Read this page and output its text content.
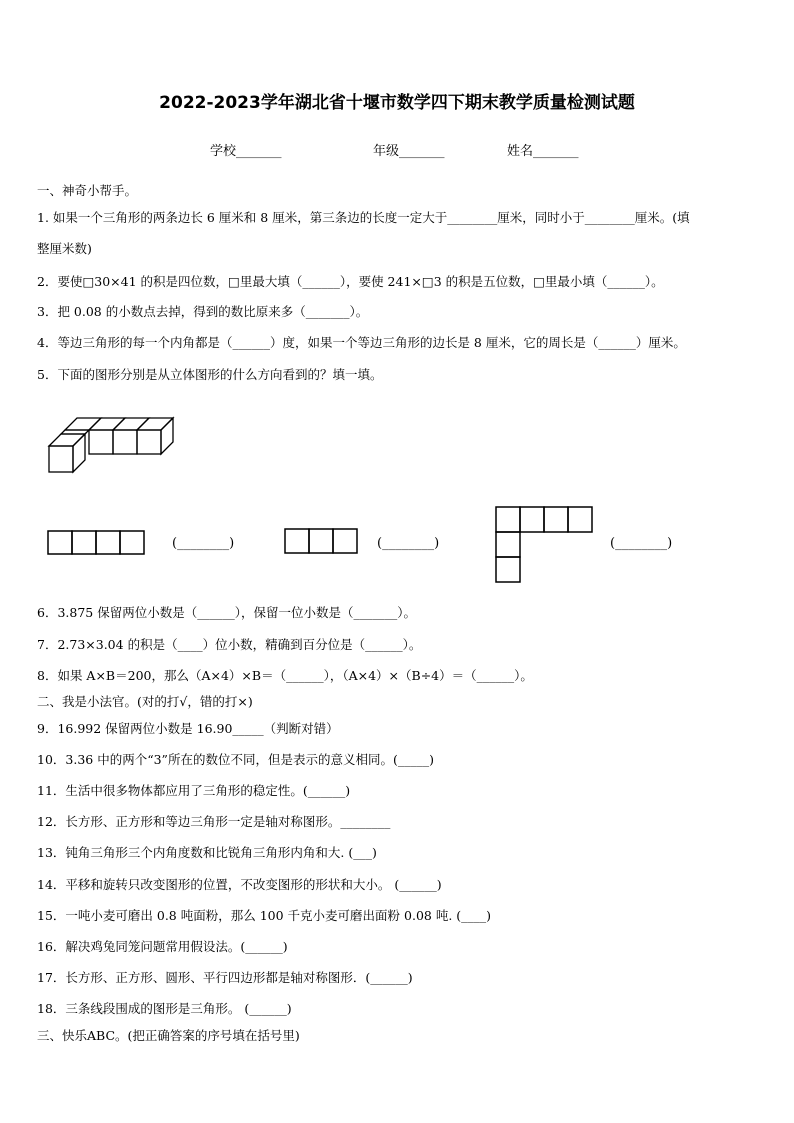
2022-2023学年湖北省十堰市数学四下期末教学质量检测试题
学校_______	年级_______	姓名_______
一、神奇小帮手。
1. 如果一个三角形的两条边长 6 厘米和 8 厘米，第三条边的长度一定大于________厘米，同时小于________厘米。(填
整厘米数)
2．要使□30×41 的积是四位数，□里最大填（______），要使 241×□3 的积是五位数，□里最小填（______）。
3．把 0.08 的小数点去掉，得到的数比原来多（_______）。
4．等边三角形的每一个内角都是（______）度，如果一个等边三角形的边长是 8 厘米，它的周长是（______）厘米。
5．下面的图形分别是从立体图形的什么方向看到的？填一填。
(________)	(________)	(________)
6．3.875 保留两位小数是（______），保留一位小数是（_______）。
7．2.73×3.04 的积是（____）位小数，精确到百分位是（______）。
8．如果 A×B＝200，那么（A×4）×B＝（______），（A×4）×（B÷4）＝（______）。
二、我是小法官。(对的打√，错的打×)
9．16.992 保留两位小数是 16.90_____（判断对错）
10．3.36 中的两个“3”所在的数位不同，但是表示的意义相同。(_____)
11．生活中很多物体都应用了三角形的稳定性。(______)
12．长方形、正方形和等边三角形一定是轴对称图形。________
13．钝角三角形三个内角度数和比锐角三角形内角和大. (___)
14．平移和旋转只改变图形的位置，不改变图形的形状和大小。 (______)
15．一吨小麦可磨出 0.8 吨面粉，那么 100 千克小麦可磨出面粉 0.08 吨. (____)
16．解决鸡兔同笼问题常用假设法。(______)
17．长方形、正方形、圆形、平行四边形都是轴对称图形．(______)
18．三条线段围成的图形是三角形。 (______)
三、快乐ABC。(把正确答案的序号填在括号里)
